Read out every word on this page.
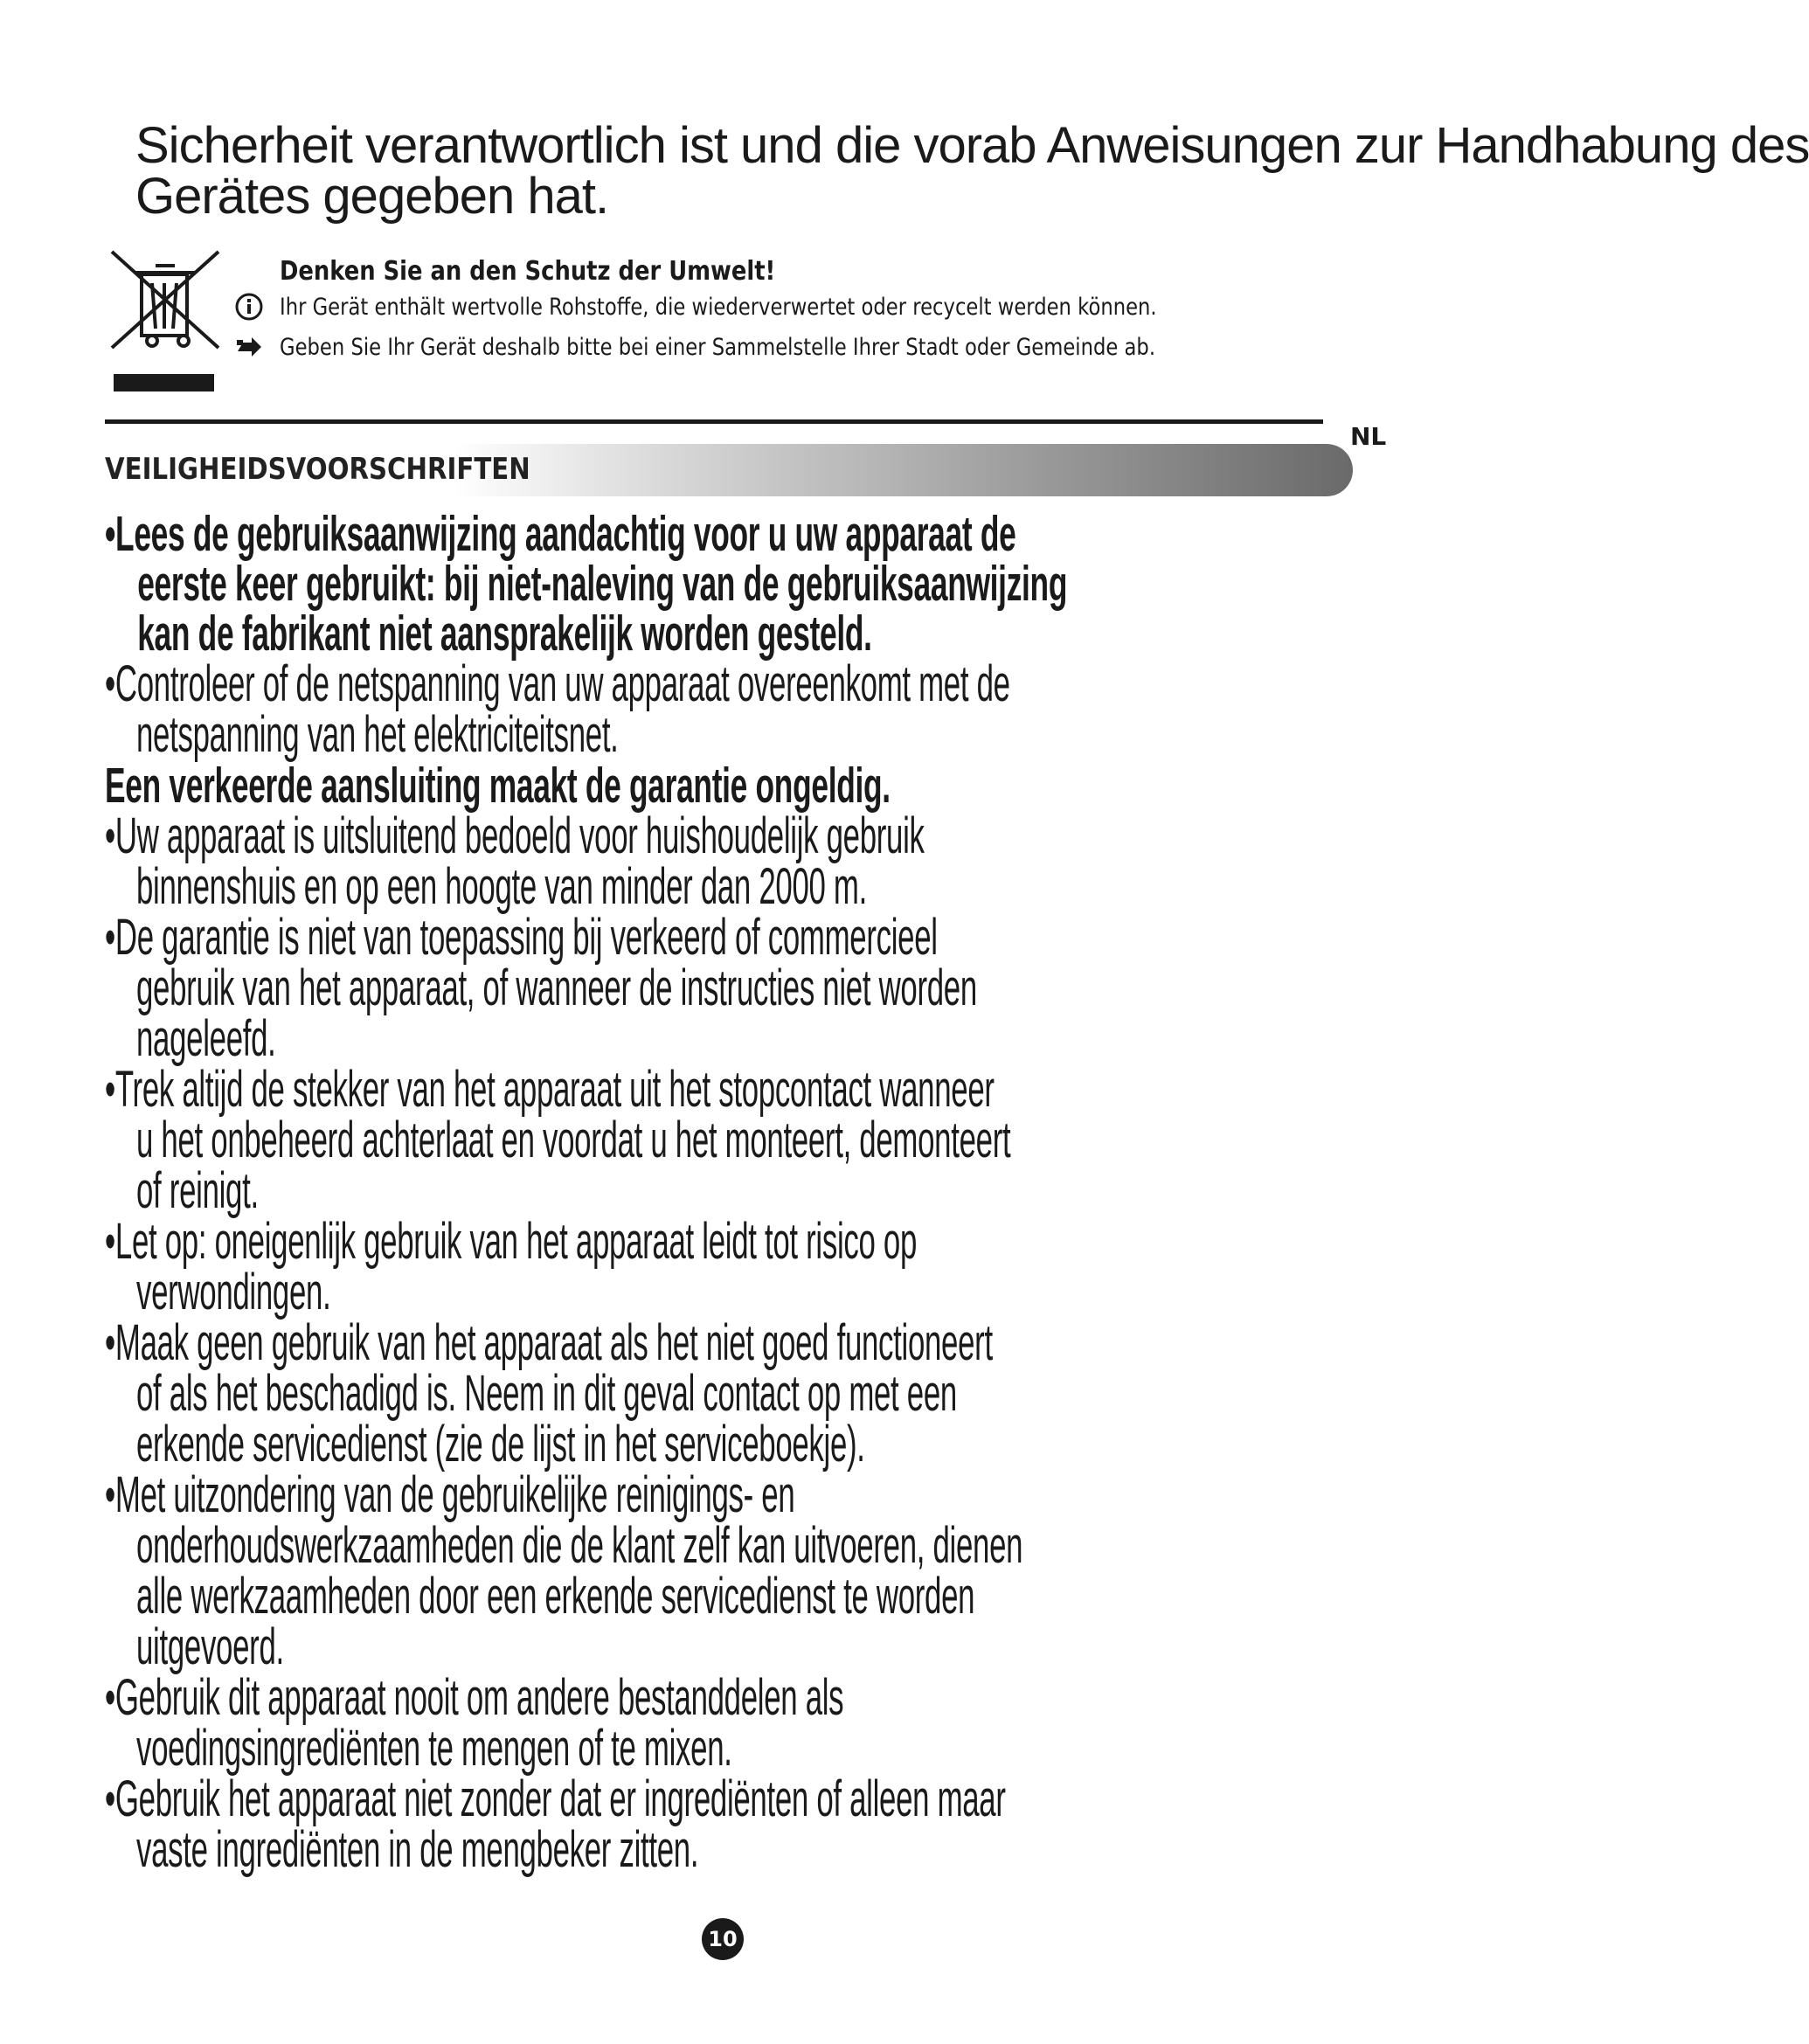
Sicherheit verantwortlich ist und die vorab Anweisungen zur Handhabung des Gerätes gegeben hat.
Denken Sie an den Schutz der Umwelt!
Ihr Gerät enthält wertvolle Rohstoffe, die wiederverwertet oder recycelt werden können.
Geben Sie Ihr Gerät deshalb bitte bei einer Sammelstelle Ihrer Stadt oder Gemeinde ab.
NL
VEILIGHEIDSVOORSCHRIFTEN
•Lees de gebruiksaanwijzing aandachtig voor u uw apparaat de
eerste keer gebruikt: bij niet-naleving van de gebruiksaanwijzing
kan de fabrikant niet aansprakelijk worden gesteld.
•Controleer of de netspanning van uw apparaat overeenkomt met de
netspanning van het elektriciteitsnet.
Een verkeerde aansluiting maakt de garantie ongeldig.
•Uw apparaat is uitsluitend bedoeld voor huishoudelijk gebruik
binnenshuis en op een hoogte van minder dan 2000 m.
•De garantie is niet van toepassing bij verkeerd of commercieel
gebruik van het apparaat, of wanneer de instructies niet worden
nageleefd.
•Trek altijd de stekker van het apparaat uit het stopcontact wanneer
u het onbeheerd achterlaat en voordat u het monteert, demonteert
of reinigt.
•Let op: oneigenlijk gebruik van het apparaat leidt tot risico op
verwondingen.
•Maak geen gebruik van het apparaat als het niet goed functioneert
of als het beschadigd is. Neem in dit geval contact op met een
erkende servicedienst (zie de lijst in het serviceboekje).
•Met uitzondering van de gebruikelijke reinigings- en
onderhoudswerkzaamheden die de klant zelf kan uitvoeren, dienen
alle werkzaamheden door een erkende servicedienst te worden
uitgevoerd.
•Gebruik dit apparaat nooit om andere bestanddelen als
voedingsingrediënten te mengen of te mixen.
•Gebruik het apparaat niet zonder dat er ingrediënten of alleen maar
vaste ingrediënten in de mengbeker zitten.
10
